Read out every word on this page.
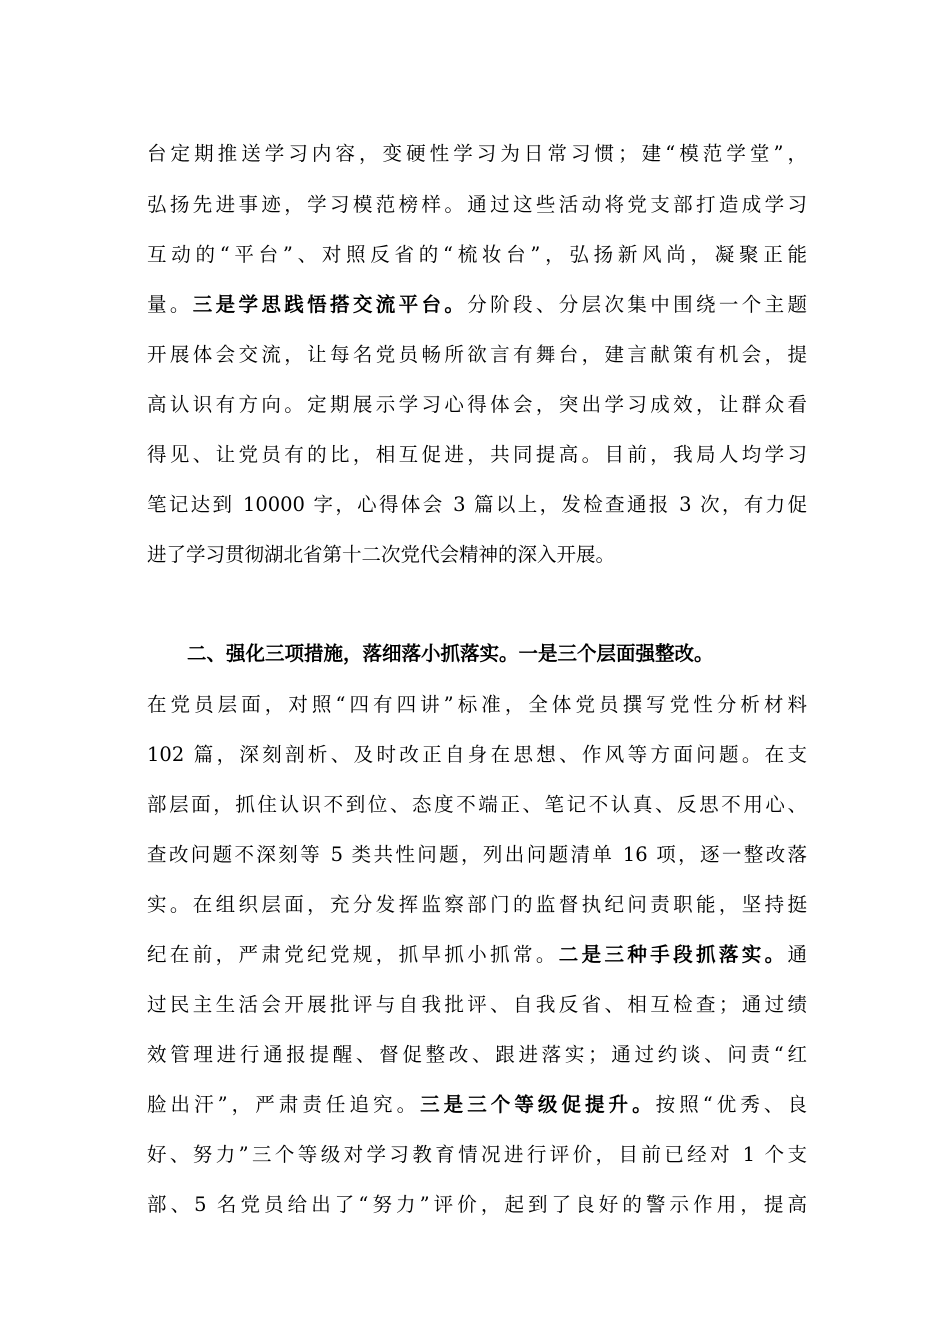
台定期推送学习内容，变硬性学习为日常习惯；建“模范学堂”，
弘扬先进事迹，学习模范榜样。通过这些活动将党支部打造成学习
互动的“平台”、对照反省的“梳妆台”，弘扬新风尚，凝聚正能
量。三是学思践悟搭交流平台。分阶段、分层次集中围绕一个主题
开展体会交流，让每名党员畅所欲言有舞台，建言献策有机会，提
高认识有方向。定期展示学习心得体会，突出学习成效，让群众看
得见、让党员有的比，相互促进，共同提高。目前，我局人均学习
笔记达到 10000 字，心得体会 3 篇以上，发检查通报 3 次，有力促
进了学习贯彻湖北省第十二次党代会精神的深入开展。
二、强化三项措施，落细落小抓落实。一是三个层面强整改。
在党员层面，对照“四有四讲”标准，全体党员撰写党性分析材料
102 篇，深刻剖析、及时改正自身在思想、作风等方面问题。在支
部层面，抓住认识不到位、态度不端正、笔记不认真、反思不用心、
查改问题不深刻等 5 类共性问题，列出问题清单 16 项，逐一整改落
实。在组织层面，充分发挥监察部门的监督执纪问责职能，坚持挺
纪在前，严肃党纪党规，抓早抓小抓常。二是三种手段抓落实。通
过民主生活会开展批评与自我批评、自我反省、相互检查；通过绩
效管理进行通报提醒、督促整改、跟进落实；通过约谈、问责“红
脸出汗”，严肃责任追究。三是三个等级促提升。按照“优秀、良
好、努力”三个等级对学习教育情况进行评价，目前已经对 1 个支
部、5 名党员给出了“努力”评价，起到了良好的警示作用，提高
